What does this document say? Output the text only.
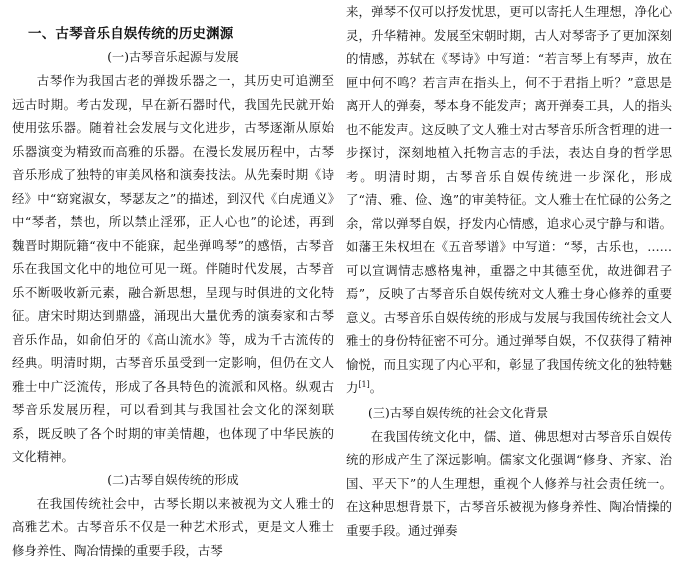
一、古琴音乐自娱传统的历史渊源
(一)古琴音乐起源与发展

古琴作为我国古老的弹拨乐器之一，其历史可追溯至远古时期。考古发现，早在新石器时代，我国先民就开始使用弦乐器。随着社会发展与文化进步，古琴逐渐从原始乐器演变为精致而高雅的乐器。在漫长发展历程中，古琴音乐形成了独特的审美风格和演奏技法。从先秦时期《诗经》中“窈窕淑女，琴瑟友之”的描述，到汉代《白虎通义》中“琴者，禁也，所以禁止淫邪，正人心也”的论述，再到魏晋时期阮籍“夜中不能寐，起坐弹鸣琴”的感悟，古琴音乐在我国文化中的地位可见一斑。伴随时代发展，古琴音乐不断吸收新元素，融合新思想，呈现与时俱进的文化特征。唐宋时期达到鼎盛，涌现出大量优秀的演奏家和古琴音乐作品，如俞伯牙的《高山流水》等，成为千古流传的经典。明清时期，古琴音乐虽受到一定影响，但仍在文人雅士中广泛流传，形成了各具特色的流派和风格。纵观古琴音乐发展历程，可以看到其与我国社会文化的深刻联系，既反映了各个时期的审美情趣，也体现了中华民族的文化精神。

(二)古琴自娱传统的形成

在我国传统社会中，古琴长期以来被视为文人雅士的高雅艺术。古琴音乐不仅是一种艺术形式，更是文人雅士修身养性、陶冶情操的重要手段，古琴

来，弹琴不仅可以抒发忧思，更可以寄托人生理想，净化心灵，升华精神。发展至宋朝时期，古人对琴寄予了更加深刻的情感，苏轼在《琴诗》中写道：“若言琴上有琴声，放在匣中何不鸣？若言声在指头上，何不于君指上听？”意思是离开人的弹奏，琴本身不能发声；离开弹奏工具，人的指头也不能发声。这反映了文人雅士对古琴音乐所含哲理的进一步探讨，深刻地植入托物言志的手法，表达自身的哲学思考。明清时期，古琴音乐自娱传统进一步深化，形成了“清、雅、俭、逸”的审美特征。文人雅士在忙碌的公务之余，常以弹琴自娱，抒发内心情感，追求心灵宁静与和谐。如藩王朱权坦在《五音琴谱》中写道：“琴，古乐也，……可以宣调情志感格鬼神，重器之中其德至优，故进御君子焉”，反映了古琴音乐自娱传统对文人雅士身心修养的重要意义。古琴音乐自娱传统的形成与发展与我国传统社会文人雅士的身份特征密不可分。通过弹琴自娱，不仅获得了精神愉悦，而且实现了内心平和，彰显了我国传统文化的独特魅力[1]。

(三)古琴自娱传统的社会文化背景

在我国传统文化中，儒、道、佛思想对古琴音乐自娱传统的形成产生了深远影响。儒家文化强调“修身、齐家、治国、平天下”的人生理想，重视个人修养与社会责任统一。在这种思想背景下，古琴音乐被视为修身养性、陶冶情操的重要手段。通过弹奏
